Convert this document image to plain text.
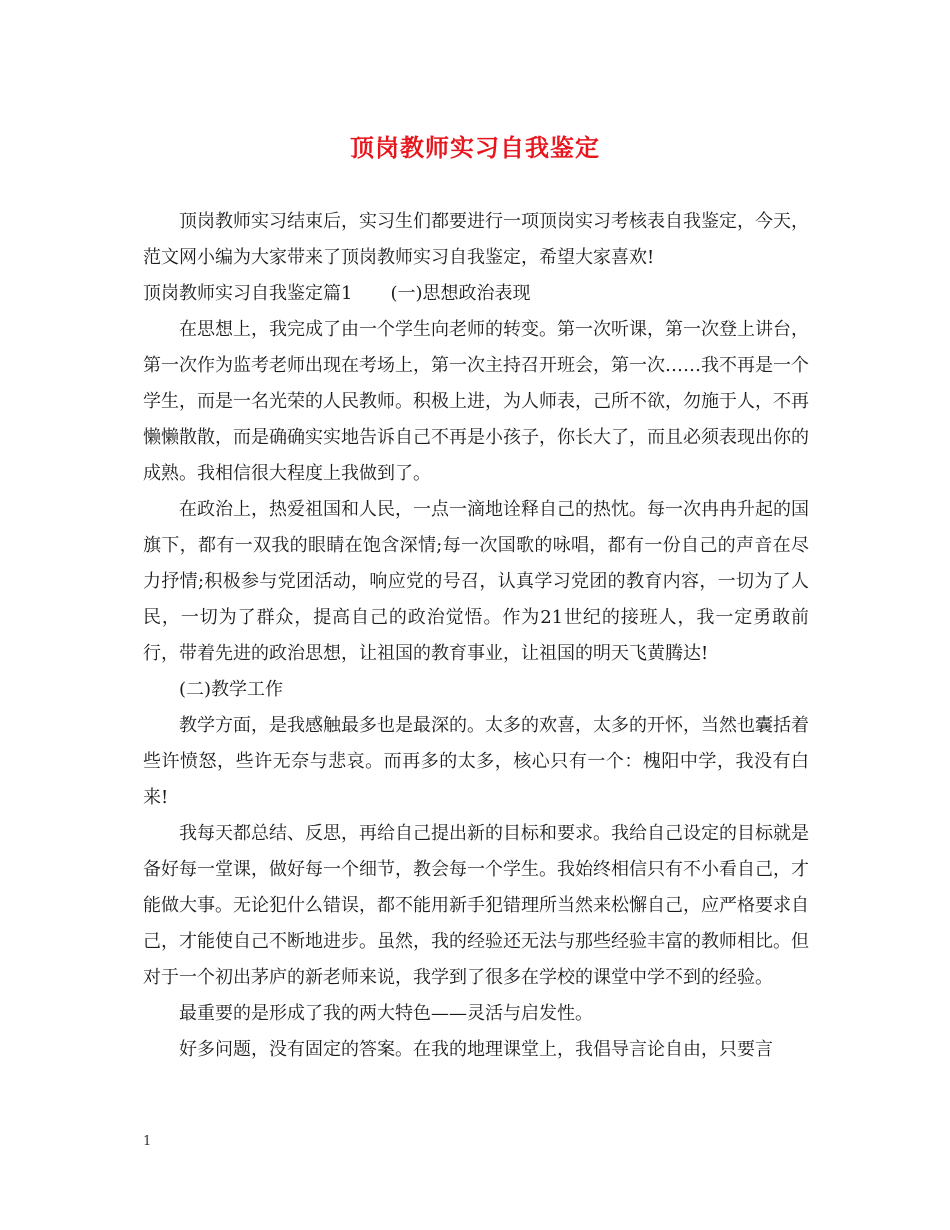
顶岗教师实习自我鉴定

顶岗教师实习结束后，实习生们都要进行一项顶岗实习考核表自我鉴定，今天，范文网小编为大家带来了顶岗教师实习自我鉴定，希望大家喜欢!

顶岗教师实习自我鉴定篇1 (一)思想政治表现

在思想上，我完成了由一个学生向老师的转变。第一次听课，第一次登上讲台，第一次作为监考老师出现在考场上，第一次主持召开班会，第一次……我不再是一个学生，而是一名光荣的人民教师。积极上进，为人师表，己所不欲，勿施于人，不再懒懒散散，而是确确实实地告诉自己不再是小孩子，你长大了，而且必须表现出你的成熟。我相信很大程度上我做到了。

在政治上，热爱祖国和人民，一点一滴地诠释自己的热忱。每一次冉冉升起的国旗下，都有一双我的眼睛在饱含深情;每一次国歌的咏唱，都有一份自己的声音在尽力抒情;积极参与党团活动，响应党的号召，认真学习党团的教育内容，一切为了人民，一切为了群众，提高自己的政治觉悟。作为21世纪的接班人，我一定勇敢前行，带着先进的政治思想，让祖国的教育事业，让祖国的明天飞黄腾达!

(二)教学工作

教学方面，是我感触最多也是最深的。太多的欢喜，太多的开怀，当然也囊括着些许愤怒，些许无奈与悲哀。而再多的太多，核心只有一个：槐阳中学，我没有白来!

我每天都总结、反思，再给自己提出新的目标和要求。我给自己设定的目标就是备好每一堂课，做好每一个细节，教会每一个学生。我始终相信只有不小看自己，才能做大事。无论犯什么错误，都不能用新手犯错理所当然来松懈自己，应严格要求自己，才能使自己不断地进步。虽然，我的经验还无法与那些经验丰富的教师相比。但对于一个初出茅庐的新老师来说，我学到了很多在学校的课堂中学不到的经验。

最重要的是形成了我的两大特色——灵活与启发性。

好多问题，没有固定的答案。在我的地理课堂上，我倡导言论自由，只要言

1
